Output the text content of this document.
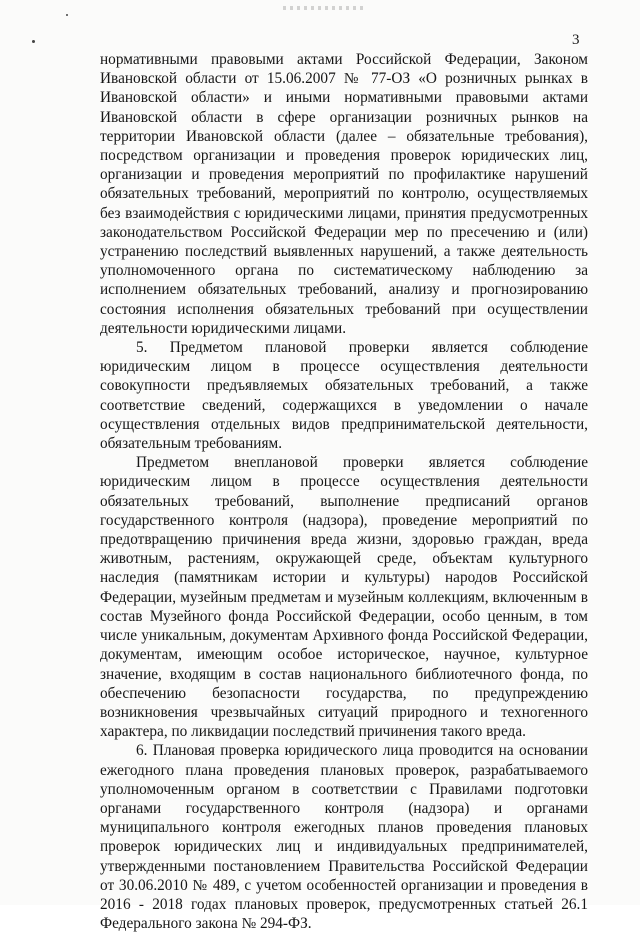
3

нормативными правовыми актами Российской Федерации, Законом Ивановской области от 15.06.2007 № 77-ОЗ «О розничных рынках в Ивановской области» и иными нормативными правовыми актами Ивановской области в сфере организации розничных рынков на территории Ивановской области (далее – обязательные требования), посредством организации и проведения проверок юридических лиц, организации и проведения мероприятий по профилактике нарушений обязательных требований, мероприятий по контролю, осуществляемых без взаимодействия с юридическими лицами, принятия предусмотренных законодательством Российской Федерации мер по пресечению и (или) устранению последствий выявленных нарушений, а также деятельность уполномоченного органа по систематическому наблюдению за исполнением обязательных требований, анализу и прогнозированию состояния исполнения обязательных требований при осуществлении деятельности юридическими лицами.

5. Предметом плановой проверки является соблюдение юридическим лицом в процессе осуществления деятельности совокупности предъявляемых обязательных требований, а также соответствие сведений, содержащихся в уведомлении о начале осуществления отдельных видов предпринимательской деятельности, обязательным требованиям.

Предметом внеплановой проверки является соблюдение юридическим лицом в процессе осуществления деятельности обязательных требований, выполнение предписаний органов государственного контроля (надзора), проведение мероприятий по предотвращению причинения вреда жизни, здоровью граждан, вреда животным, растениям, окружающей среде, объектам культурного наследия (памятникам истории и культуры) народов Российской Федерации, музейным предметам и музейным коллекциям, включенным в состав Музейного фонда Российской Федерации, особо ценным, в том числе уникальным, документам Архивного фонда Российской Федерации, документам, имеющим особое историческое, научное, культурное значение, входящим в состав национального библиотечного фонда, по обеспечению безопасности государства, по предупреждению возникновения чрезвычайных ситуаций природного и техногенного характера, по ликвидации последствий причинения такого вреда.

6. Плановая проверка юридического лица проводится на основании ежегодного плана проведения плановых проверок, разрабатываемого уполномоченным органом в соответствии с Правилами подготовки органами государственного контроля (надзора) и органами муниципального контроля ежегодных планов проведения плановых проверок юридических лиц и индивидуальных предпринимателей, утвержденными постановлением Правительства Российской Федерации от 30.06.2010 № 489, с учетом особенностей организации и проведения в 2016 - 2018 годах плановых проверок, предусмотренных статьей 26.1 Федерального закона № 294-ФЗ.
